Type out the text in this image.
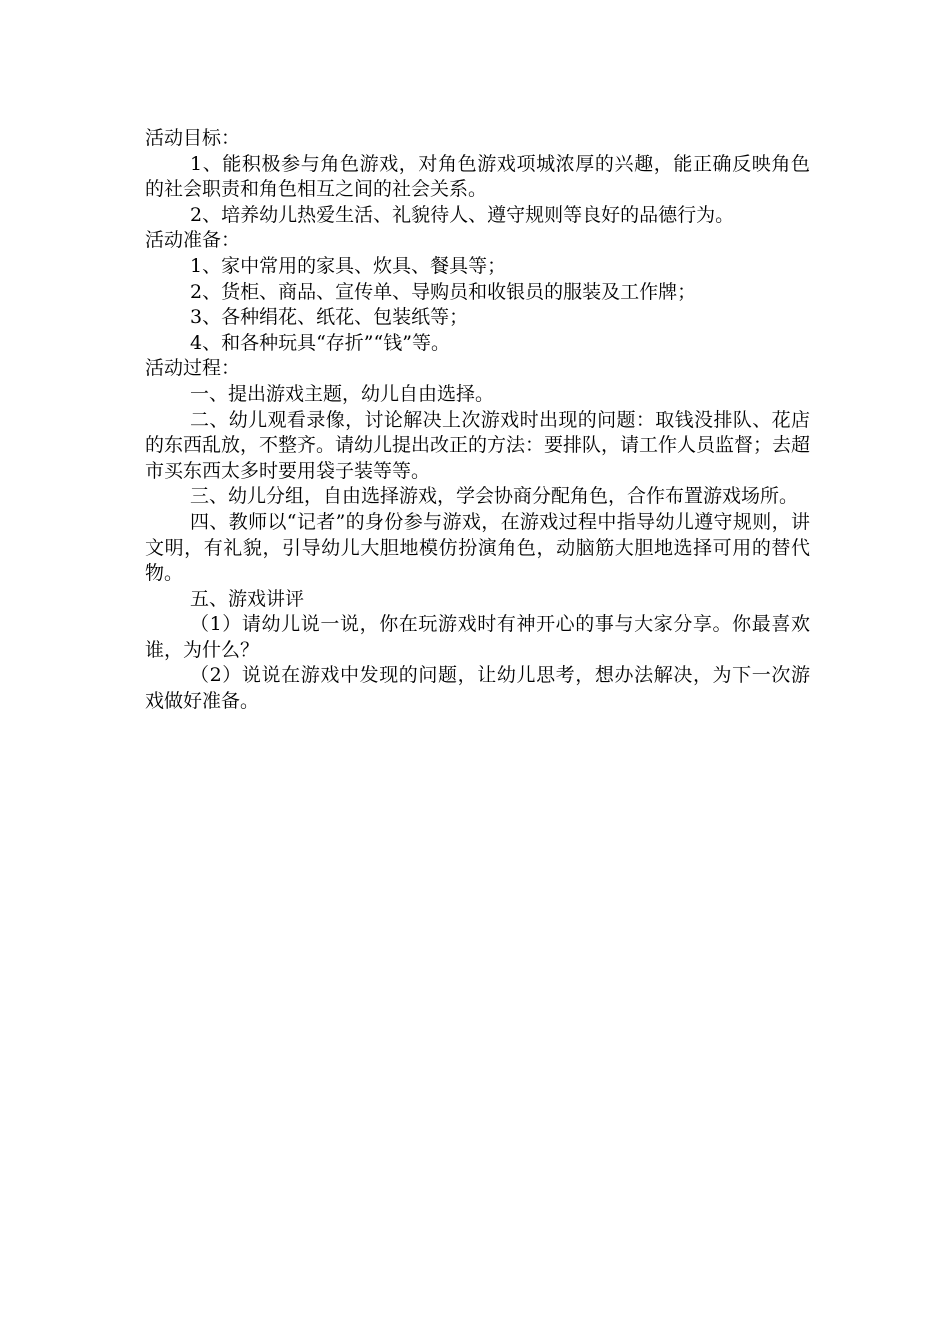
活动目标：

1、能积极参与角色游戏，对角色游戏项城浓厚的兴趣，能正确反映角色的社会职责和角色相互之间的社会关系。

2、培养幼儿热爱生活、礼貌待人、遵守规则等良好的品德行为。

活动准备：

1、家中常用的家具、炊具、餐具等；

2、货柜、商品、宣传单、导购员和收银员的服装及工作牌；

3、各种绢花、纸花、包装纸等；

4、和各种玩具“存折”“钱”等。

活动过程：

一、提出游戏主题，幼儿自由选择。

二、幼儿观看录像，讨论解决上次游戏时出现的问题：取钱没排队、花店的东西乱放，不整齐。请幼儿提出改正的方法：要排队，请工作人员监督；去超市买东西太多时要用袋子装等等。

三、幼儿分组，自由选择游戏，学会协商分配角色，合作布置游戏场所。

四、教师以“记者”的身份参与游戏，在游戏过程中指导幼儿遵守规则，讲文明，有礼貌，引导幼儿大胆地模仿扮演角色，动脑筋大胆地选择可用的替代物。

五、游戏讲评

（1）请幼儿说一说，你在玩游戏时有神开心的事与大家分享。你最喜欢谁，为什么？

（2）说说在游戏中发现的问题，让幼儿思考，想办法解决，为下一次游戏做好准备。
